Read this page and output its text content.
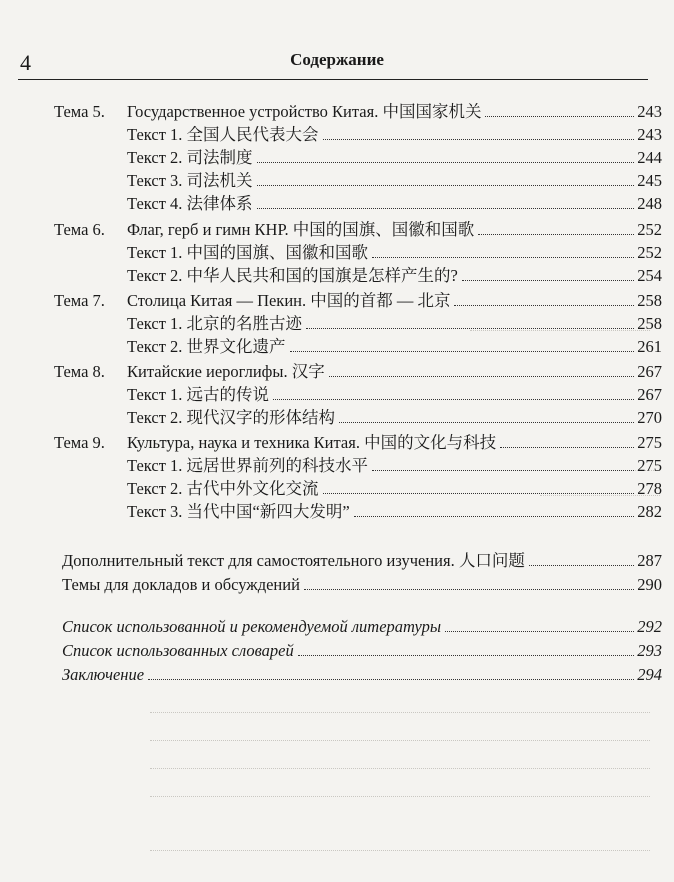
4	Содержание
Тема 5. Государственное устройство Китая. 中国国家机关	243
Текст 1. 全国人民代表大会	243
Текст 2. 司法制度	244
Текст 3. 司法机关	245
Текст 4. 法律体系	248
Тема 6. Флаг, герб и гимн КНР. 中国的国旗、国徽和国歌	252
Текст 1. 中国的国旗、国徽和国歌	252
Текст 2. 中华人民共和国的国旗是怎样产生的?	254
Тема 7. Столица Китая — Пекин. 中国的首都 — 北京	258
Текст 1. 北京的名胜古迹	258
Текст 2. 世界文化遗产	261
Тема 8. Китайские иероглифы. 汉字	267
Текст 1. 远古的传说	267
Текст 2. 现代汉字的形体结构	270
Тема 9. Культура, наука и техника Китая. 中国的文化与科技	275
Текст 1. 远居世界前列的科技水平	275
Текст 2. 古代中外文化交流	278
Текст 3. 当代中国“新四大发明”	282
Дополнительный текст для самостоятельного изучения. 人口问题	287
Темы для докладов и обсуждений	290
Список использованной и рекомендуемой литературы	292
Список использованных словарей	293
Заключение	294
